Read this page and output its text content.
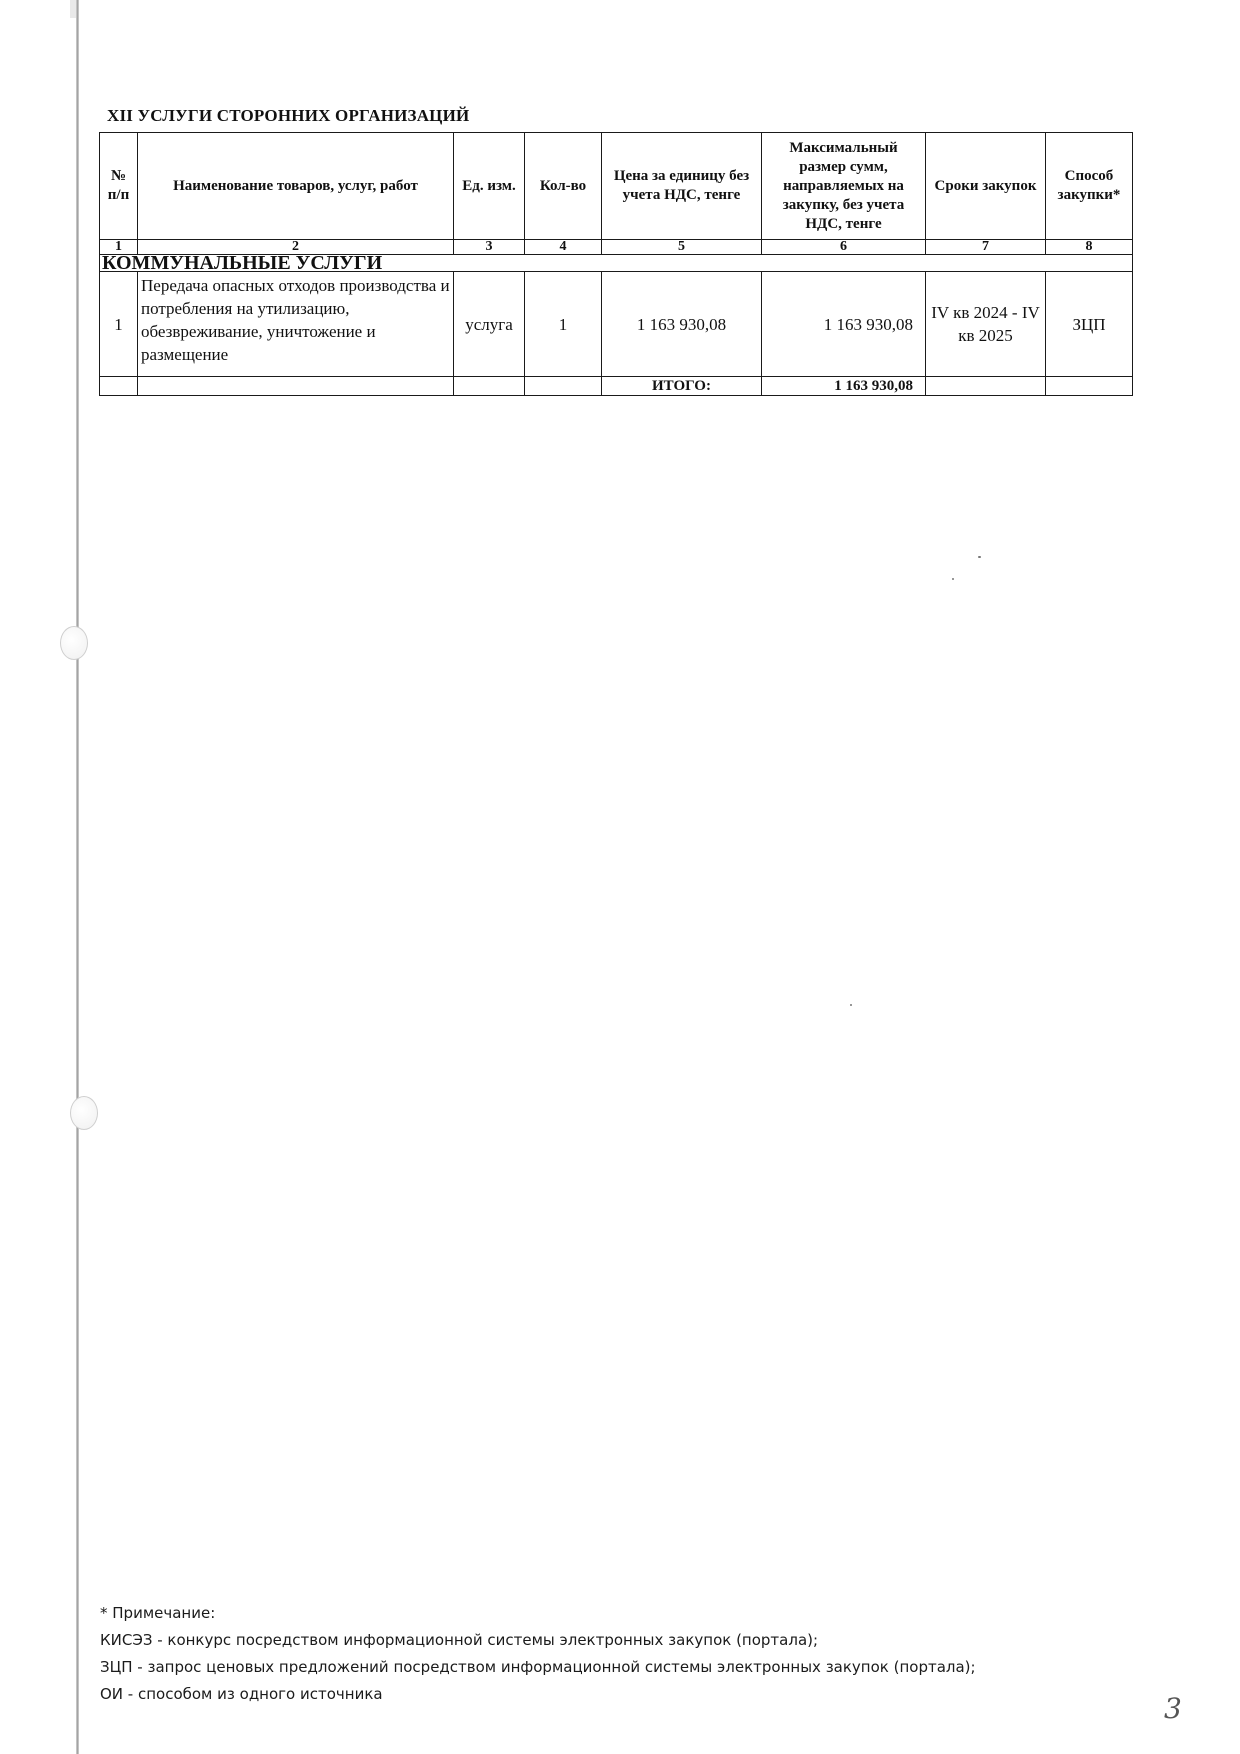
XII УСЛУГИ СТОРОННИХ ОРГАНИЗАЦИЙ
№ п/п	Наименование товаров, услуг, работ	Ед. изм.	Кол-во	Цена за единицу без учета НДС, тенге	Максимальный размер сумм, направляемых на закупку, без учета НДС, тенге	Сроки закупок	Способ закупки*
1	2	3	4	5	6	7	8
КОММУНАЛЬНЫЕ УСЛУГИ							
1	Передача опасных отходов производства и потребления на утилизацию, обезвреживание, уничтожение и размещение	услуга	1	1 163 930,08	1 163 930,08	IV кв 2024 - IV кв 2025	ЗЦП
				ИТОГО:	1 163 930,08		
* Примечание:
КИСЭЗ - конкурс посредством информационной системы электронных закупок (портала);
ЗЦП - запрос ценовых предложений посредством информационной системы электронных закупок (портала);
ОИ - способом из одного источника	3
